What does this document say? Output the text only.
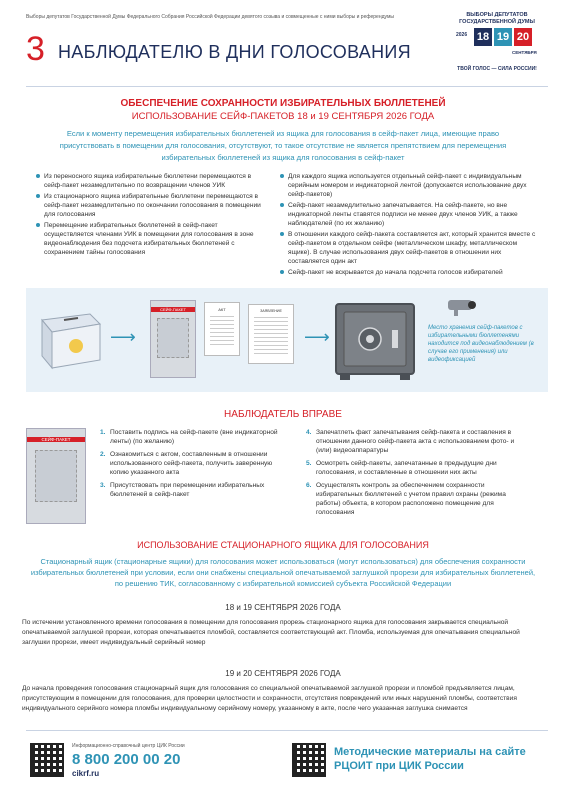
Выборы депутатов Государственной Думы Федерального Собрания Российской Федерации девятого созыва и совмещенные с ними выборы и референдумы
3 НАБЛЮДАТЕЛЮ В ДНИ ГОЛОСОВАНИЯ
ВЫБОРЫ ДЕПУТАТОВ ГОСУДАРСТВЕННОЙ ДУМЫ
2026 18 19 20
СЕНТЯБРЯ
ТВОЙ ГОЛОС — СИЛА РОССИИ!
ОБЕСПЕЧЕНИЕ СОХРАННОСТИ ИЗБИРАТЕЛЬНЫХ БЮЛЛЕТЕНЕЙ
ИСПОЛЬЗОВАНИЕ СЕЙФ-ПАКЕТОВ 18 и 19 СЕНТЯБРЯ 2026 ГОДА
Если к моменту перемещения избирательных бюллетеней из ящика для голосования в сейф-пакет лица, имеющие право присутствовать в помещении для голосования, отсутствуют, то такое отсутствие не является препятствием для перемещения избирательных бюллетеней из ящика для голосования в сейф-пакет
Из переносного ящика избирательные бюллетени перемещаются в сейф-пакет незамедлительно по возвращении членов УИК
Из стационарного ящика избирательные бюллетени перемещаются в сейф-пакет незамедлительно по окончании голосования в помещении для голосования
Перемещение избирательных бюллетеней в сейф-пакет осуществляется членами УИК в помещении для голосования в зоне видеонаблюдения без подсчета избирательных бюллетеней с сохранением тайны голосования
Для каждого ящика используется отдельный сейф-пакет с индивидуальным серийным номером и индикаторной лентой (допускается использование двух сейф-пакетов)
Сейф-пакет незамедлительно запечатывается. На сейф-пакете, но вне индикаторной ленты ставятся подписи не менее двух членов УИК, а также наблюдателей (по их желанию)
В отношении каждого сейф-пакета составляется акт, который хранится вместе с сейф-пакетом в отдельном сейфе (металлическом шкафу, металлическом ящике). В случае использования двух сейф-пакетов в отношении них составляется один акт
Сейф-пакет не вскрывается до начала подсчета голосов избирателей
⟶
СЕЙФ-ПАКЕТ	АКТ	ЗАЯВЛЕНИЕ
⟶	Место хранения сейф-пакетов с избирательными бюллетенями находится под видеонаблюдением (в случае его применения) или видеофиксацией
НАБЛЮДАТЕЛЬ ВПРАВЕ
СЕЙФ-ПАКЕТ
1. Поставить подпись на сейф-пакете (вне индикаторной ленты) (по желанию)
2. Ознакомиться с актом, составленным в отношении использованного сейф-пакета, получить заверенную копию указанного акта
3. Присутствовать при перемещении избирательных бюллетеней в сейф-пакет
4. Запечатлеть факт запечатывания сейф-пакета и составления в отношении данного сейф-пакета акта с использованием фото- и (или) видеоаппаратуры
5. Осмотреть сейф-пакеты, запечатанные в предыдущие дни голосования, и составленные в отношении них акты
6. Осуществлять контроль за обеспечением сохранности избирательных бюллетеней с учетом правил охраны (режима работы) объекта, в котором расположено помещение для голосования
ИСПОЛЬЗОВАНИЕ СТАЦИОНАРНОГО ЯЩИКА ДЛЯ ГОЛОСОВАНИЯ
Стационарный ящик (стационарные ящики) для голосования может использоваться (могут использоваться) для обеспечения сохранности избирательных бюллетеней при условии, если они снабжены специальной опечатываемой заглушкой прорези для избирательных бюллетеней, по решению ТИК, согласованному с избирательной комиссией субъекта Российской Федерации
18 и 19 СЕНТЯБРЯ 2026 ГОДА
По истечении установленного времени голосования в помещении для голосования прорезь стационарного ящика для голосования закрывается специальной опечатываемой заглушкой прорези, которая опечатывается пломбой, составляется соответствующий акт. Пломба, используемая для опечатывания специальной заглушки прорези, имеет индивидуальный серийный номер
19 и 20 СЕНТЯБРЯ 2026 ГОДА
До начала проведения голосования стационарный ящик для голосования со специальной опечатываемой заглушкой прорези и пломбой предъявляется лицам, присутствующим в помещении для голосования, для проверки целостности и сохранности, отсутствия повреждений или иных нарушений пломбы, соответствия индивидуального серийного номера пломбы индивидуальному серийному номеру, указанному в акте, после чего указанная заглушка снимается
Информационно-справочный центр ЦИК России
8 800 200 00 20
cikrf.ru
Методические материалы на сайте РЦОИТ при ЦИК России
